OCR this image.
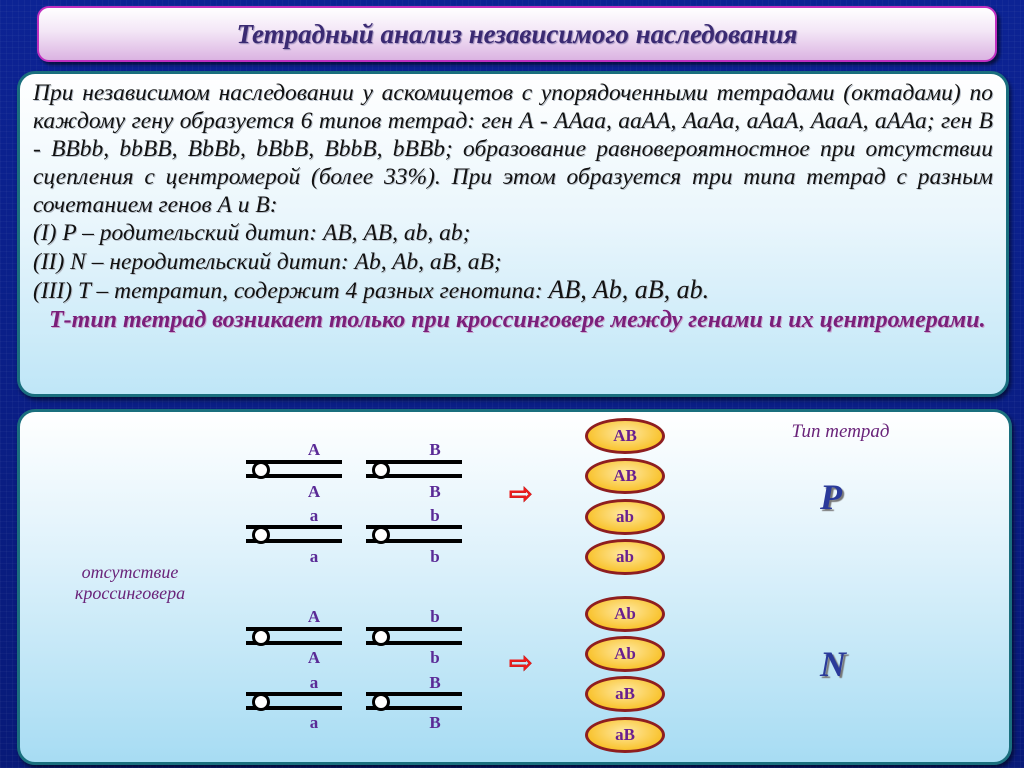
Тетрадный анализ независимого наследования

При независимом наследовании у аскомицетов с упорядоченными тетрадами (октадами) по каждому гену образуется 6 типов тетрад: ген А - ААаа, ааАА, АаАа, аАаА, АааА, аААа; ген В - ВВbb, bbBB, BbBb, bBbB, BbbB, bBBb; образование равновероятностное при отсутствии сцепления с центромерой (более 33%). При этом образуется три типа тетрад с разным сочетанием генов А и В:

(I) P – родительский дитип: АВ, АВ, ab, ab;

(II) N – неродительский дитип: Ab, Ab, aB, aB;

(III) T – тетратип, содержит 4 разных генотипа: AB, Ab, aB, ab.

Т-тип тетрад возникает только при кроссинговере между генами и их центромерами.

отсутствие кроссинговера
Тип тетрад
A
A
a
a
B
B
b
b
⇨
AB
AB
ab
ab
P
A
A
a
a
b
b
B
B
⇨
Ab
Ab
aB
aB
N
